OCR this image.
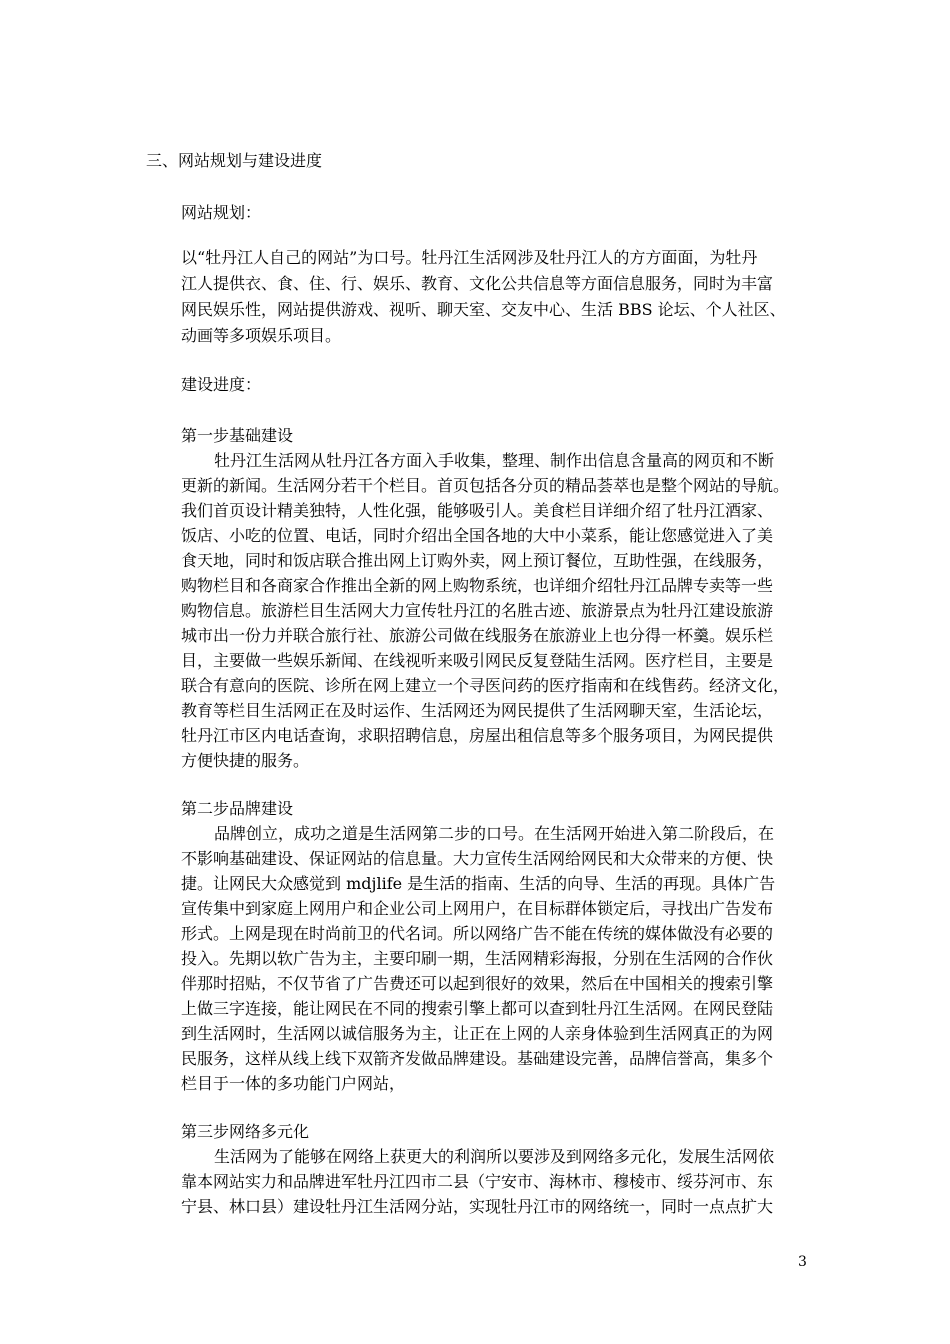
三、网站规划与建设进度

网站规划：

以“牡丹江人自己的网站”为口号。牡丹江生活网涉及牡丹江人的方方面面，为牡丹

江人提供衣、食、住、行、娱乐、教育、文化公共信息等方面信息服务，同时为丰富

网民娱乐性，网站提供游戏、视听、聊天室、交友中心、生活 BBS 论坛、个人社区、

动画等多项娱乐项目。

建设进度：

第一步基础建设

牡丹江生活网从牡丹江各方面入手收集，整理、制作出信息含量高的网页和不断

更新的新闻。生活网分若干个栏目。首页包括各分页的精品荟萃也是整个网站的导航。

我们首页设计精美独特，人性化强，能够吸引人。美食栏目详细介绍了牡丹江酒家、

饭店、小吃的位置、电话，同时介绍出全国各地的大中小菜系，能让您感觉进入了美

食天地，同时和饭店联合推出网上订购外卖，网上预订餐位，互助性强，在线服务，

购物栏目和各商家合作推出全新的网上购物系统，也详细介绍牡丹江品牌专卖等一些

购物信息。旅游栏目生活网大力宣传牡丹江的名胜古迹、旅游景点为牡丹江建设旅游

城市出一份力并联合旅行社、旅游公司做在线服务在旅游业上也分得一杯羹。娱乐栏

目，主要做一些娱乐新闻、在线视听来吸引网民反复登陆生活网。医疗栏目，主要是

联合有意向的医院、诊所在网上建立一个寻医问药的医疗指南和在线售药。经济文化，

教育等栏目生活网正在及时运作、生活网还为网民提供了生活网聊天室，生活论坛，

牡丹江市区内电话查询，求职招聘信息，房屋出租信息等多个服务项目，为网民提供

方便快捷的服务。

第二步品牌建设

品牌创立，成功之道是生活网第二步的口号。在生活网开始进入第二阶段后，在

不影响基础建设、保证网站的信息量。大力宣传生活网给网民和大众带来的方便、快

捷。让网民大众感觉到 mdjlife 是生活的指南、生活的向导、生活的再现。具体广告

宣传集中到家庭上网用户和企业公司上网用户，在目标群体锁定后，寻找出广告发布

形式。上网是现在时尚前卫的代名词。所以网络广告不能在传统的媒体做没有必要的

投入。先期以软广告为主，主要印刷一期，生活网精彩海报，分别在生活网的合作伙

伴那时招贴，不仅节省了广告费还可以起到很好的效果，然后在中国相关的搜索引擎

上做三字连接，能让网民在不同的搜索引擎上都可以查到牡丹江生活网。在网民登陆

到生活网时，生活网以诚信服务为主，让正在上网的人亲身体验到生活网真正的为网

民服务，这样从线上线下双箭齐发做品牌建设。基础建设完善，品牌信誉高，集多个

栏目于一体的多功能门户网站，

第三步网络多元化

生活网为了能够在网络上获更大的利润所以要涉及到网络多元化，发展生活网依

靠本网站实力和品牌进军牡丹江四市二县（宁安市、海林市、穆棱市、绥芬河市、东

宁县、林口县）建设牡丹江生活网分站，实现牡丹江市的网络统一，同时一点点扩大

3
